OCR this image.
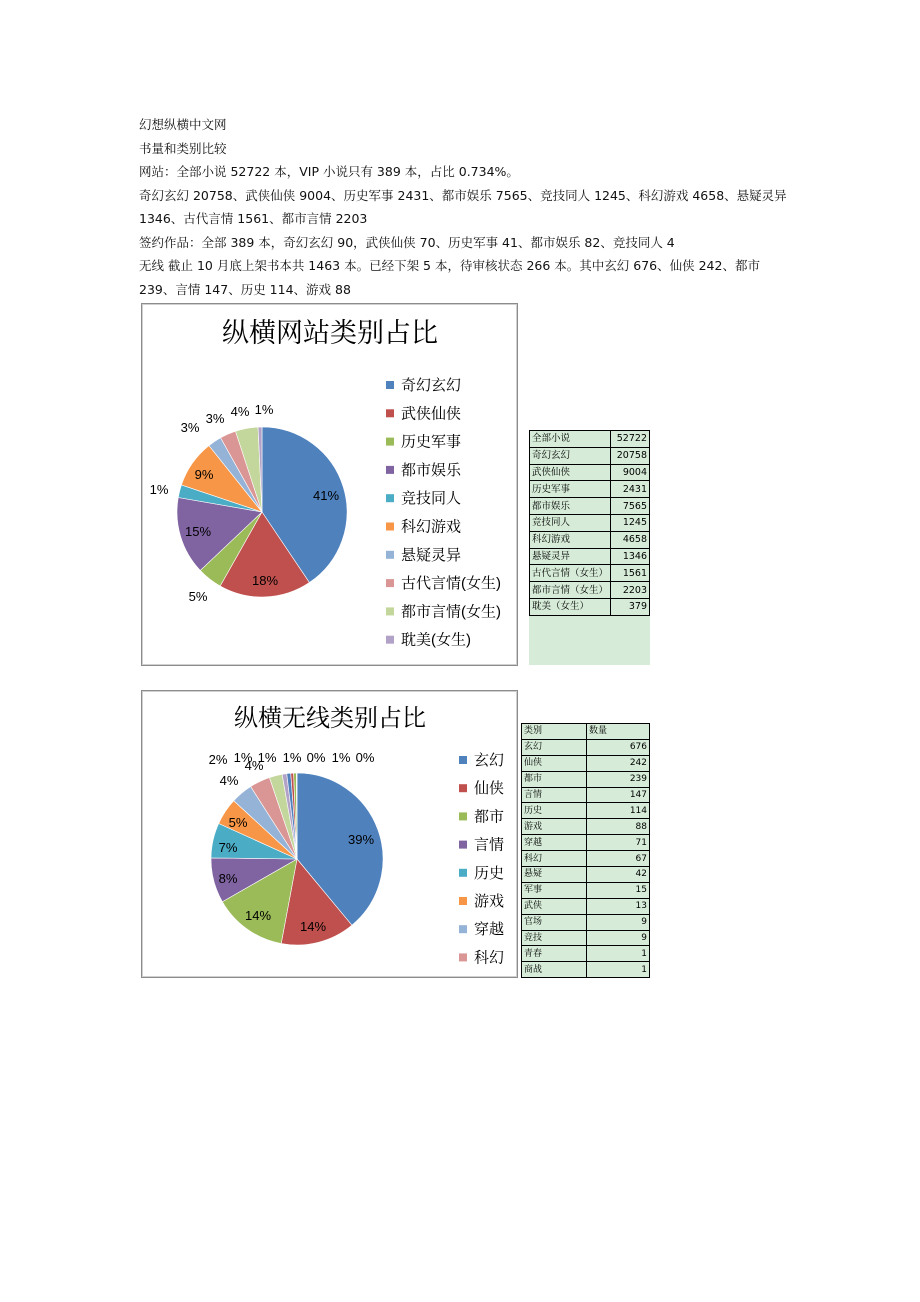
幻想纵横中文网

书量和类别比较

网站：全部小说 52722 本，VIP 小说只有 389 本，占比 0.734%。

奇幻玄幻 20758、武侠仙侠 9004、历史军事 2431、都市娱乐 7565、竞技同人 1245、科幻游戏 4658、悬疑灵异 1346、古代言情 1561、都市言情 2203

签约作品：全部 389 本，奇幻玄幻 90，武侠仙侠 70、历史军事 41、都市娱乐 82、竞技同人 4

无线 截止 10 月底上架书本共 1463 本。已经下架 5 本，待审核状态 266 本。其中玄幻 676、仙侠 242、都市 239、言情 147、历史 114、游戏 88

纵横网站类别占比
41%
18%
5%
15%
1%
9%
3%
3% 4% 1%
奇幻玄幻
武侠仙侠
历史军事
都市娱乐
竞技同人
科幻游戏
悬疑灵异
古代言情(女生)
都市言情(女生)
耽美(女生)
全部小说	52722
奇幻玄幻	20758
武侠仙侠	9004
历史军事	2431
都市娱乐	7565
竞技同人	1245
科幻游戏	4658
悬疑灵异	1346
古代言情（女生）	1561
都市言情（女生）	2203
耽美（女生）	379
纵横无线类别占比
39%
14%
14%
8%
7%
5%
4%
4%
2% 1% 1% 1% 0% 1% 0%	玄幻
仙侠
都市
言情
历史
游戏
穿越
科幻
类别	数量
玄幻	676
仙侠	242
都市	239
言情	147
历史	114
游戏	88
穿越	71
科幻	67
悬疑	42
军事	15
武侠	13
官场	9
竞技	9
青春	1
商战	1
